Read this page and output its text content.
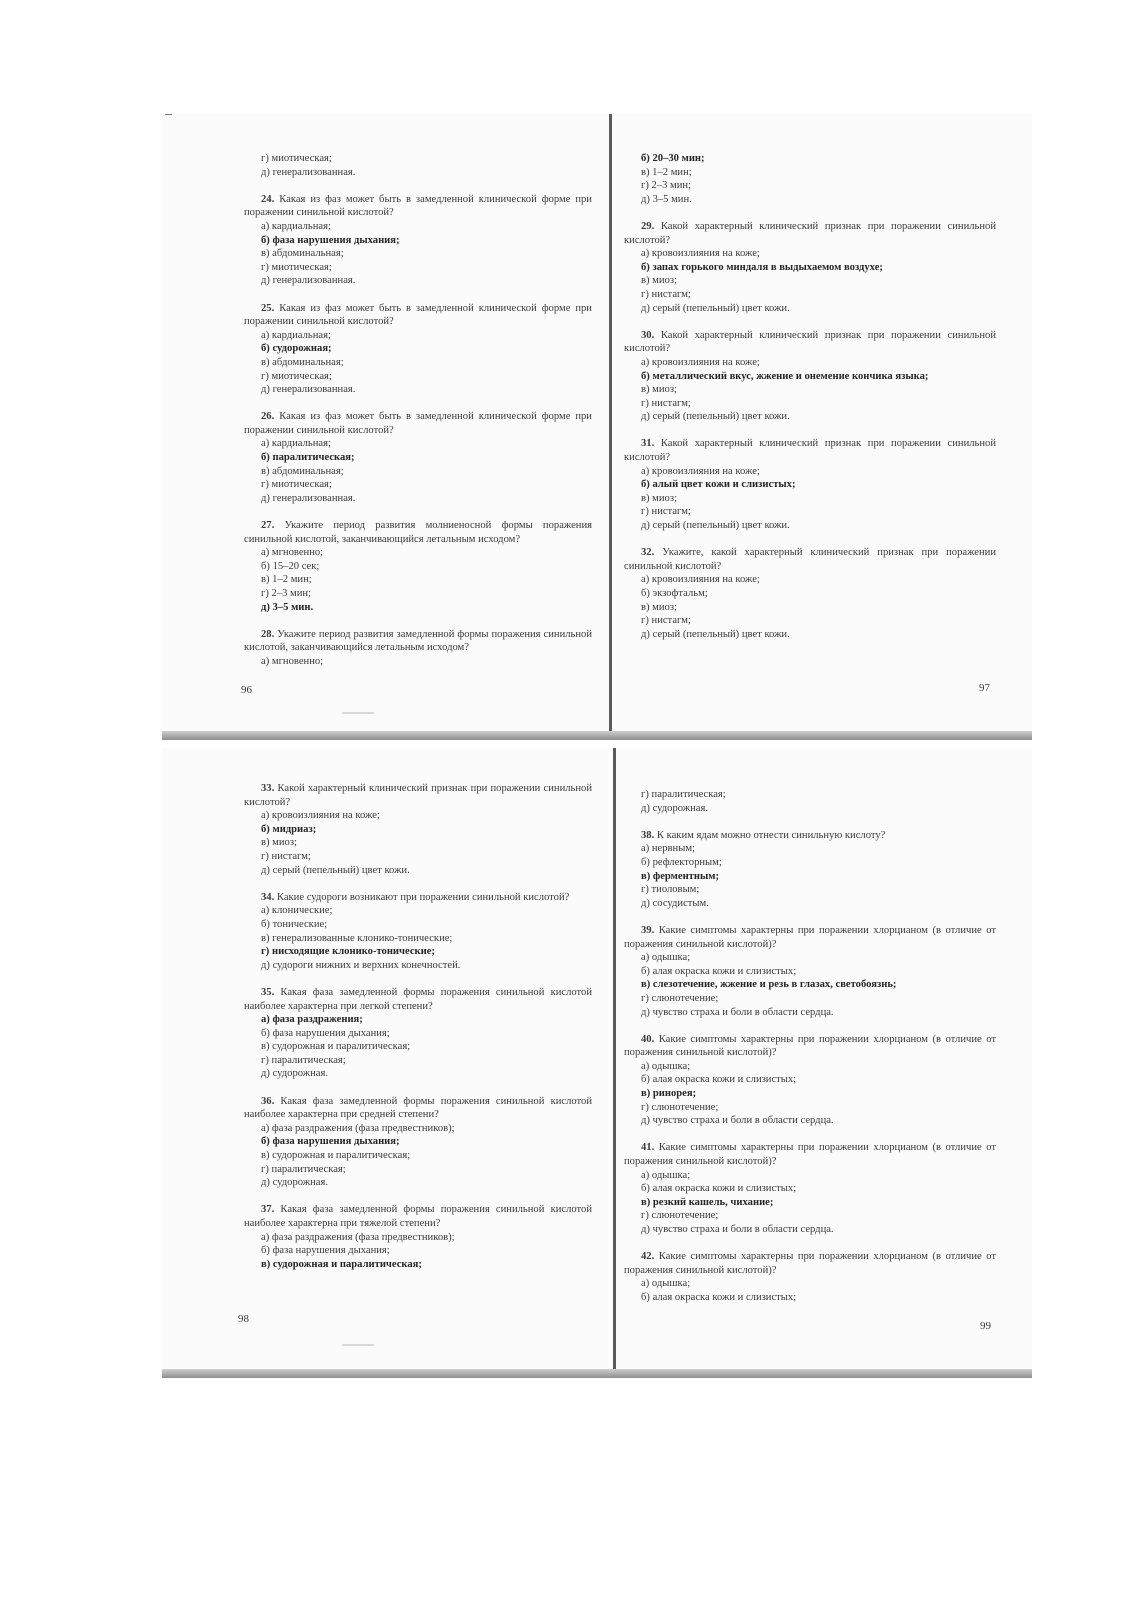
г) миотическая;
д) генерализованная.
24. Какая из фаз может быть в замедленной клинической форме при поражении синильной кислотой?
а) кардиальная;
б) фаза нарушения дыхания;
в) абдоминальная;
г) миотическая;
д) генерализованная.
25. Какая из фаз может быть в замедленной клинической форме при поражении синильной кислотой?
а) кардиальная;
б) судорожная;
в) абдоминальная;
г) миотическая;
д) генерализованная.
26. Какая из фаз может быть в замедленной клинической форме при поражении синильной кислотой?
а) кардиальная;
б) паралитическая;
в) абдоминальная;
г) миотическая;
д) генерализованная.
27. Укажите период развития молниеносной формы поражения синильной кислотой, заканчивающийся летальным исходом?
а) мгновенно;
б) 15–20 сек;
в) 1–2 мин;
г) 2–3 мин;
д) 3–5 мин.
28. Укажите период развития замедленной формы поражения синильной кислотой, заканчивающийся летальным исходом?
а) мгновенно;
96
б) 20–30 мин;
в) 1–2 мин;
г) 2–3 мин;
д) 3–5 мин.
29. Какой характерный клинический признак при поражении синильной кислотой?
а) кровоизлияния на коже;
б) запах горького миндаля в выдыхаемом воздухе;
в) миоз;
г) нистагм;
д) серый (пепельный) цвет кожи.
30. Какой характерный клинический признак при поражении синильной кислотой?
а) кровоизлияния на коже;
б) металлический вкус, жжение и онемение кончика языка;
в) миоз;
г) нистагм;
д) серый (пепельный) цвет кожи.
31. Какой характерный клинический признак при поражении синильной кислотой?
а) кровоизлияния на коже;
б) алый цвет кожи и слизистых;
в) миоз;
г) нистагм;
д) серый (пепельный) цвет кожи.
32. Укажите, какой характерный клинический признак при поражении синильной кислотой?
а) кровоизлияния на коже;
б) экзофтальм;
в) миоз;
г) нистагм;
д) серый (пепельный) цвет кожи.
97
33. Какой характерный клинический признак при поражении синильной кислотой?
а) кровоизлияния на коже;
б) мидриаз;
в) миоз;
г) нистагм;
д) серый (пепельный) цвет кожи.
34. Какие судороги возникают при поражении синильной кислотой?
а) клонические;
б) тонические;
в) генерализованные клонико-тонические;
г) нисходящие клонико-тонические;
д) судороги нижних и верхних конечностей.
35. Какая фаза замедленной формы поражения синильной кислотой наиболее характерна при легкой степени?
а) фаза раздражения;
б) фаза нарушения дыхания;
в) судорожная и паралитическая;
г) паралитическая;
д) судорожная.
36. Какая фаза замедленной формы поражения синильной кислотой наиболее характерна при средней степени?
а) фаза раздражения (фаза предвестников);
б) фаза нарушения дыхания;
в) судорожная и паралитическая;
г) паралитическая;
д) судорожная.
37. Какая фаза замедленной формы поражения синильной кислотой наиболее характерна при тяжелой степени?
а) фаза раздражения (фаза предвестников);
б) фаза нарушения дыхания;
в) судорожная и паралитическая;
98
г) паралитическая;
д) судорожная.
38. К каким ядам можно отнести синильную кислоту?
а) нервным;
б) рефлекторным;
в) ферментным;
г) тиоловым;
д) сосудистым.
39. Какие симптомы характерны при поражении хлорцианом (в отличие от поражения синильной кислотой)?
а) одышка;
б) алая окраска кожи и слизистых;
в) слезотечение, жжение и резь в глазах, светобоязнь;
г) слюнотечение;
д) чувство страха и боли в области сердца.
40. Какие симптомы характерны при поражении хлорцианом (в отличие от поражения синильной кислотой)?
а) одышка;
б) алая окраска кожи и слизистых;
в) ринорея;
г) слюнотечение;
д) чувство страха и боли в области сердца.
41. Какие симптомы характерны при поражении хлорцианом (в отличие от поражения синильной кислотой)?
а) одышка;
б) алая окраска кожи и слизистых;
в) резкий кашель, чихание;
г) слюнотечение;
д) чувство страха и боли в области сердца.
42. Какие симптомы характерны при поражении хлорцианом (в отличие от поражения синильной кислотой)?
а) одышка;
б) алая окраска кожи и слизистых;
99
